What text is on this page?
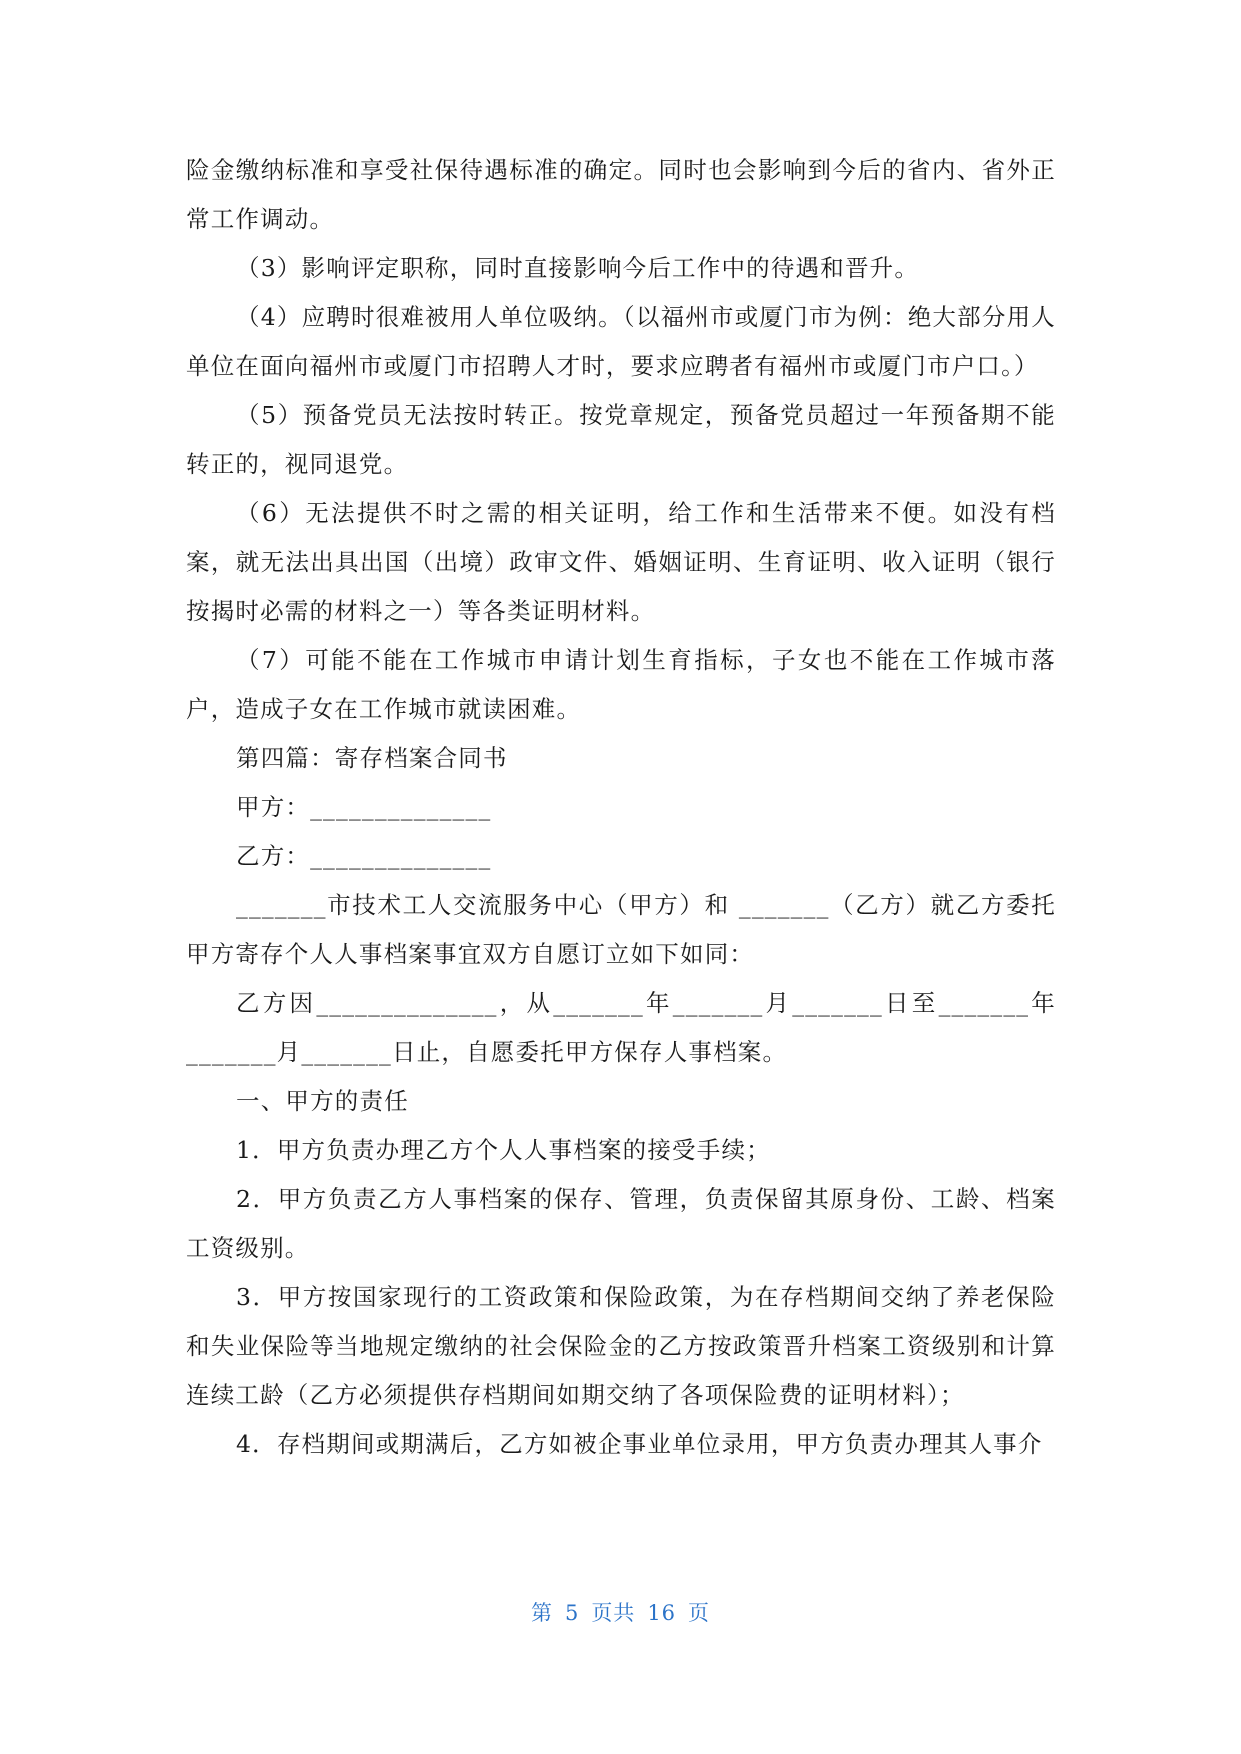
险金缴纳标准和享受社保待遇标准的确定。同时也会影响到今后的省内、省外正常工作调动。

（3）影响评定职称，同时直接影响今后工作中的待遇和晋升。

（4）应聘时很难被用人单位吸纳。（以福州市或厦门市为例：绝大部分用人单位在面向福州市或厦门市招聘人才时，要求应聘者有福州市或厦门市户口。）

（5）预备党员无法按时转正。按党章规定，预备党员超过一年预备期不能转正的，视同退党。

（6）无法提供不时之需的相关证明，给工作和生活带来不便。如没有档案，就无法出具出国（出境）政审文件、婚姻证明、生育证明、收入证明（银行按揭时必需的材料之一）等各类证明材料。

（7）可能不能在工作城市申请计划生育指标，子女也不能在工作城市落户，造成子女在工作城市就读困难。

第四篇：寄存档案合同书

甲方：______________

乙方：______________

_______市技术工人交流服务中心（甲方）和 _______（乙方）就乙方委托甲方寄存个人人事档案事宜双方自愿订立如下如同：

乙方因______________，从_______年_______月_______日至_______年_______月_______日止，自愿委托甲方保存人事档案。

一、甲方的责任

1．甲方负责办理乙方个人人事档案的接受手续；

2．甲方负责乙方人事档案的保存、管理，负责保留其原身份、工龄、档案工资级别。

3．甲方按国家现行的工资政策和保险政策，为在存档期间交纳了养老保险和失业保险等当地规定缴纳的社会保险金的乙方按政策晋升档案工资级别和计算连续工龄（乙方必须提供存档期间如期交纳了各项保险费的证明材料）；

4．存档期间或期满后，乙方如被企事业单位录用，甲方负责办理其人事介

第 5 页共 16 页
